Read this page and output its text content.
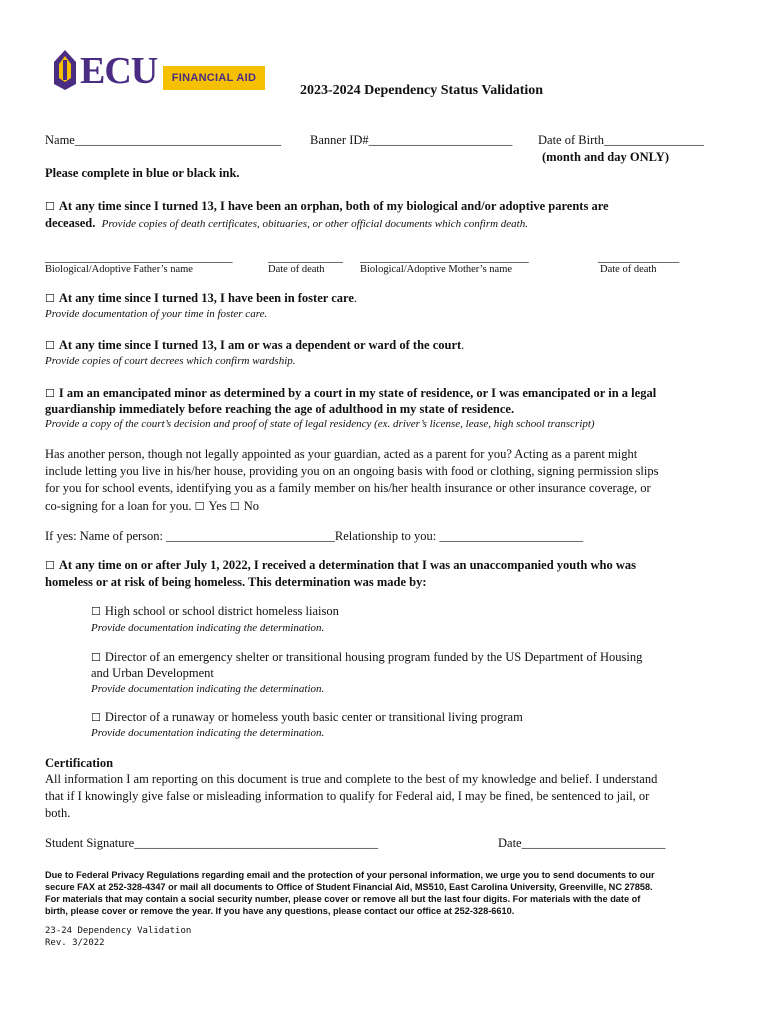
ECU	FINANCIAL AID
2023-2024 Dependency Status Validation
Name_________________________________ Banner ID#_______________________ Date of Birth________________
(month and day ONLY)
Please complete in blue or black ink.
☐ At any time since I turned 13, I have been an orphan, both of my biological and/or adoptive parents are
deceased. Provide copies of death certificates, obituaries, or other official documents which confirm death.
______________________________	____________ ___________________________	_____________
Biological/Adoptive Father’s name	Date of death	Biological/Adoptive Mother’s name	Date of death
☐ At any time since I turned 13, I have been in foster care.
Provide documentation of your time in foster care.
☐ At any time since I turned 13, I am or was a dependent or ward of the court.
Provide copies of court decrees which confirm wardship.
☐ I am an emancipated minor as determined by a court in my state of residence, or I was emancipated or in a legal
guardianship immediately before reaching the age of adulthood in my state of residence.
Provide a copy of the court’s decision and proof of state of legal residency (ex. driver’s license, lease, high school transcript)
Has another person, though not legally appointed as your guardian, acted as a parent for you? Acting as a parent might
include letting you live in his/her house, providing you on an ongoing basis with food or clothing, signing permission slips
for you for school events, identifying you as a family member on his/her health insurance or other insurance coverage, or
co-signing for a loan for you. ☐ Yes ☐ No
If yes: Name of person: ___________________________Relationship to you: _______________________
☐ At any time on or after July 1, 2022, I received a determination that I was an unaccompanied youth who was
homeless or at risk of being homeless. This determination was made by:
☐ High school or school district homeless liaison
Provide documentation indicating the determination.
☐ Director of an emergency shelter or transitional housing program funded by the US Department of Housing
and Urban Development
Provide documentation indicating the determination.
☐ Director of a runaway or homeless youth basic center or transitional living program
Provide documentation indicating the determination.
Certification
All information I am reporting on this document is true and complete to the best of my knowledge and belief. I understand
that if I knowingly give false or misleading information to qualify for Federal aid, I may be fined, be sentenced to jail, or
both.
Student Signature_______________________________________	Date_______________________
Due to Federal Privacy Regulations regarding email and the protection of your personal information, we urge you to send documents to our
secure FAX at 252-328-4347 or mail all documents to Office of Student Financial Aid, MS510, East Carolina University, Greenville, NC 27858.
For materials that may contain a social security number, please cover or remove all but the last four digits. For materials with the date of
birth, please cover or remove the year. If you have any questions, please contact our office at 252-328-6610.
23-24 Dependency Validation
Rev. 3/2022
